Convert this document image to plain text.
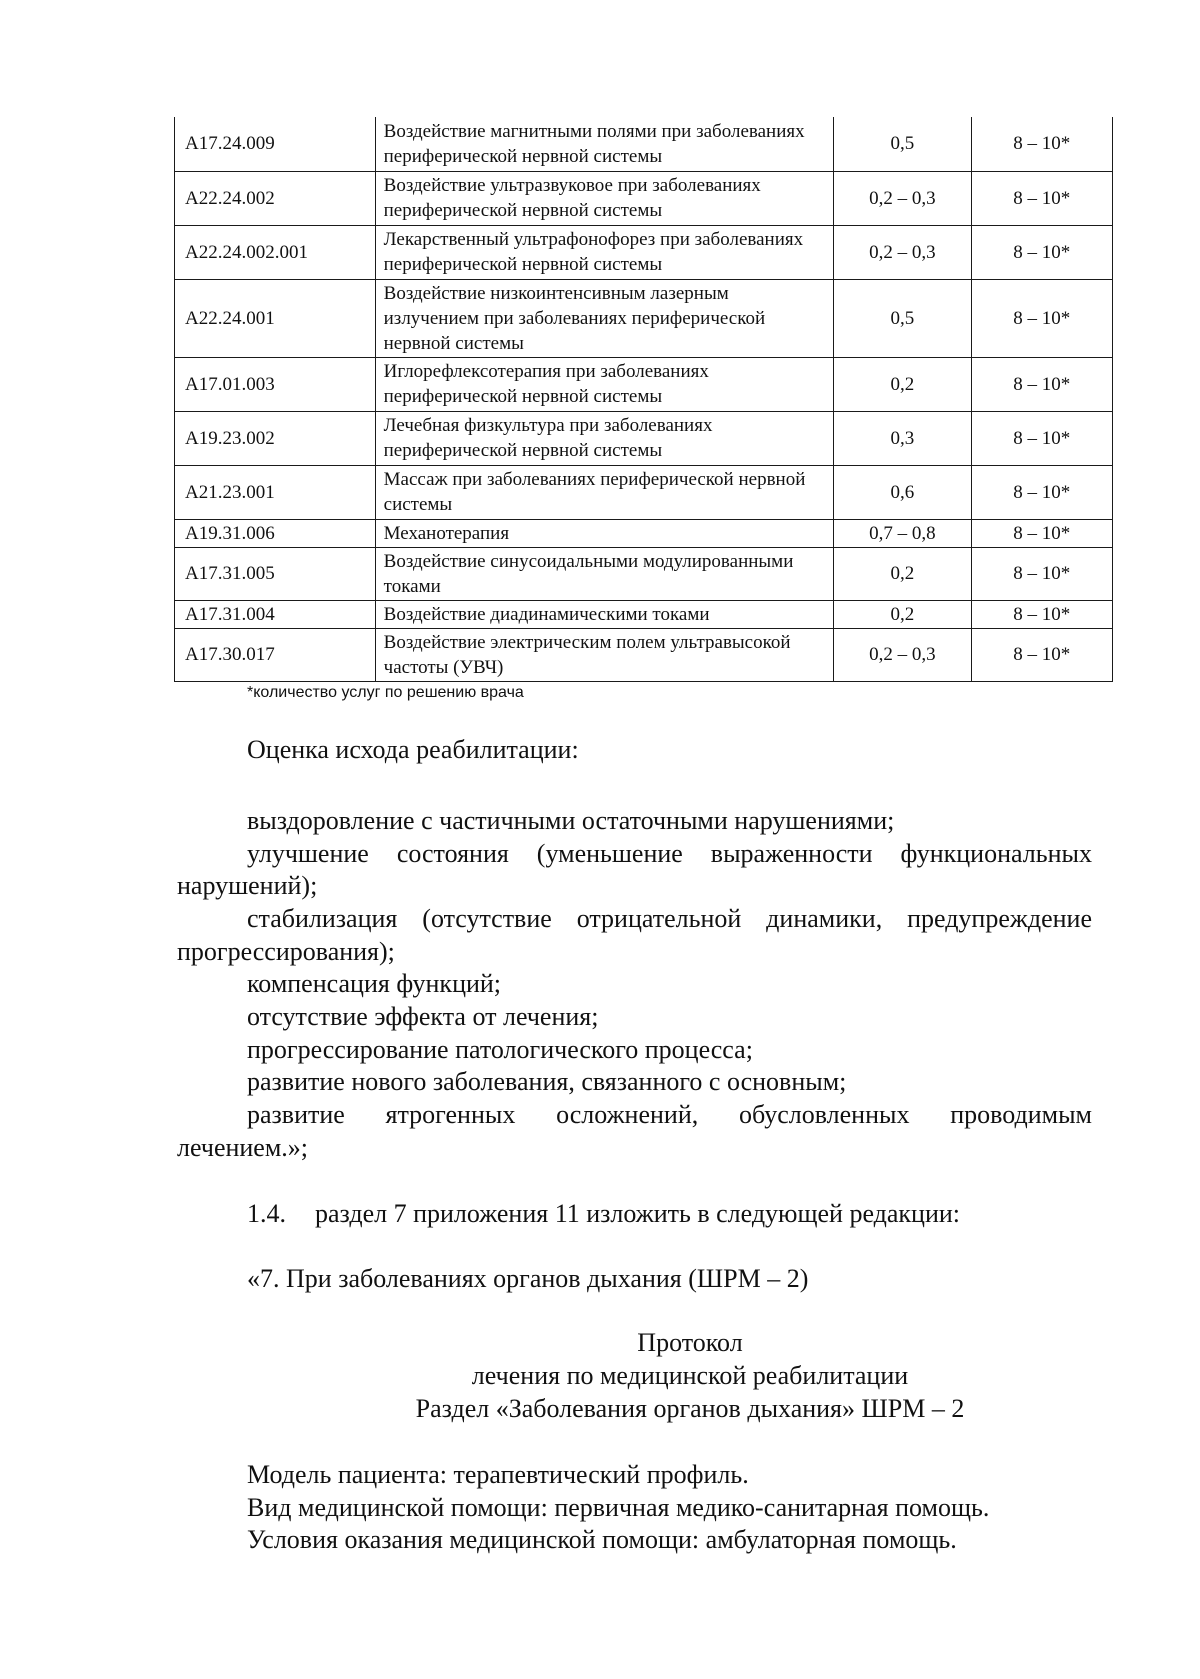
A17.24.009	Воздействие магнитными полями при заболеваниях периферической нервной системы	0,5	8 – 10*
A22.24.002	Воздействие ультразвуковое при заболеваниях периферической нервной системы	0,2 – 0,3	8 – 10*
A22.24.002.001	Лекарственный ультрафонофорез при заболеваниях периферической нервной системы	0,2 – 0,3	8 – 10*
A22.24.001	Воздействие низкоинтенсивным лазерным излучением при заболеваниях периферической нервной системы	0,5	8 – 10*
A17.01.003	Иглорефлексотерапия при заболеваниях периферической нервной системы	0,2	8 – 10*
A19.23.002	Лечебная физкультура при заболеваниях периферической нервной системы	0,3	8 – 10*
A21.23.001	Массаж при заболеваниях периферической нервной системы	0,6	8 – 10*
A19.31.006	Механотерапия	0,7 – 0,8	8 – 10*
A17.31.005	Воздействие синусоидальными модулированными токами	0,2	8 – 10*
A17.31.004	Воздействие диадинамическими токами	0,2	8 – 10*
A17.30.017	Воздействие электрическим полем ультравысокой частоты (УВЧ)	0,2 – 0,3	8 – 10*
*количество услуг по решению врача
Оценка исхода реабилитации:
выздоровление с частичными остаточными нарушениями;
улучшение состояния (уменьшение выраженности функциональных
нарушений);
стабилизация (отсутствие отрицательной динамики, предупреждение
прогрессирования);
компенсация функций;
отсутствие эффекта от лечения;
прогрессирование патологического процесса;
развитие нового заболевания, связанного с основным;
развитие ятрогенных осложнений, обусловленных проводимым
лечением.»;
1.4. раздел 7 приложения 11 изложить в следующей редакции:
«7. При заболеваниях органов дыхания (ШРМ – 2)
Протокол
лечения по медицинской реабилитации
Раздел «Заболевания органов дыхания» ШРМ – 2
Модель пациента: терапевтический профиль.
Вид медицинской помощи: первичная медико-санитарная помощь.
Условия оказания медицинской помощи: амбулаторная помощь.
